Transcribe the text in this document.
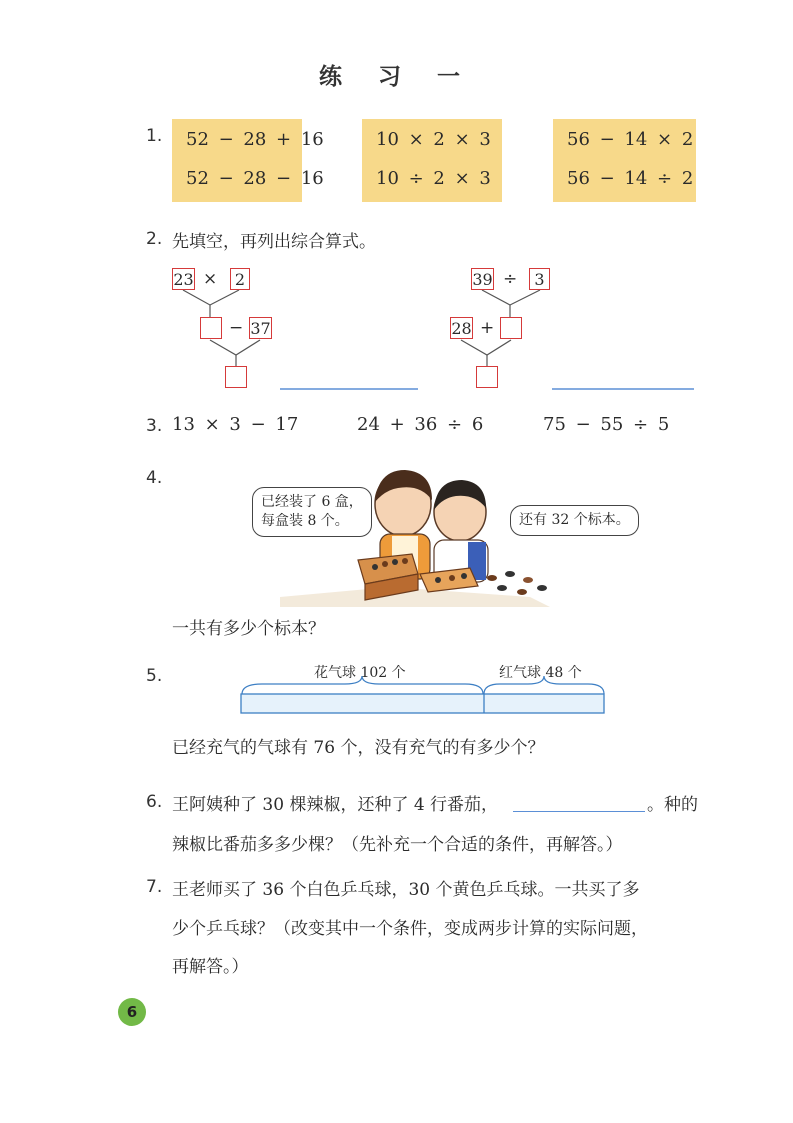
练 习 一
1. 52 − 28 + 16
52 − 28 − 16
10 × 2 × 3
10 ÷ 2 × 3
56 − 14 × 2
56 − 14 ÷ 2
2. 先填空，再列出综合算式。
23 ×	2
− 37
39 ÷	3
28 +
3. 13 × 3 − 17	24 + 36 ÷ 6	75 − 55 ÷ 5
4.
已经装了 6 盒，
每盒装 8 个。	还有 32 个标本。
一共有多少个标本？
5.	花气球 102 个	红气球 48 个
已经充气的气球有 76 个，没有充气的有多少个？
6. 王阿姨种了 30 棵辣椒，还种了 4 行番茄，	。种的
辣椒比番茄多多少棵？（先补充一个合适的条件，再解答。）
7. 王老师买了 36 个白色乒乓球，30 个黄色乒乓球。一共买了多
少个乒乓球？（改变其中一个条件，变成两步计算的实际问题，
再解答。）
6
